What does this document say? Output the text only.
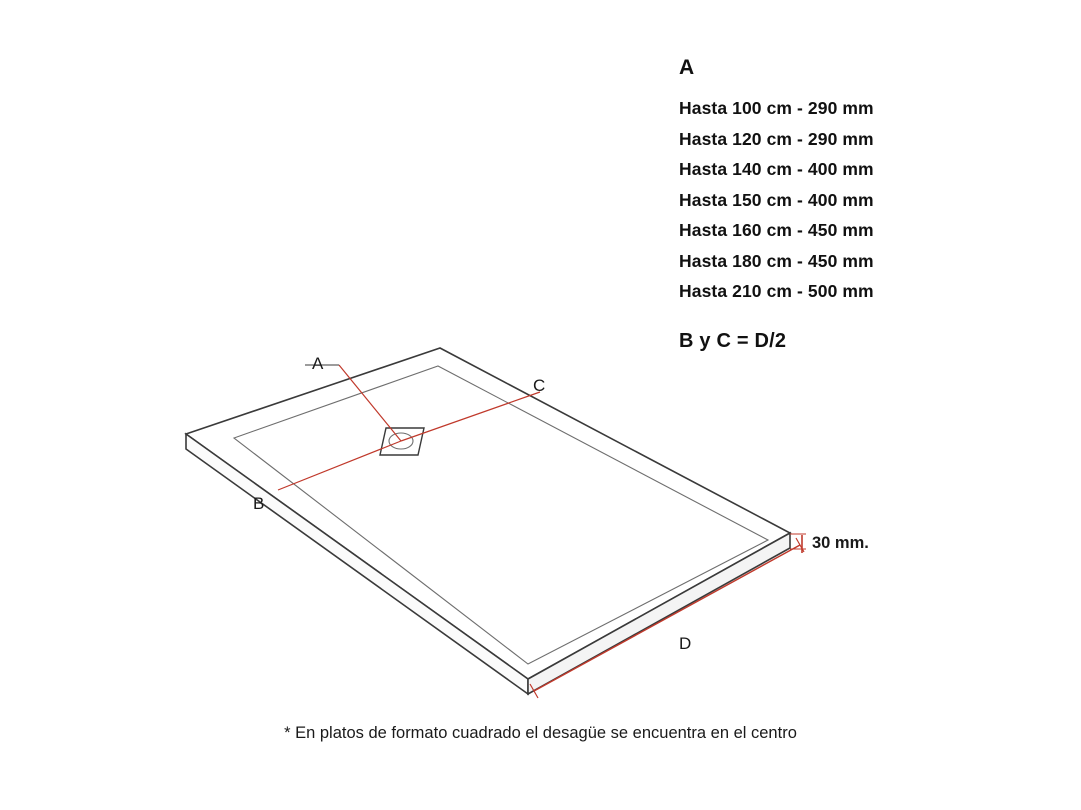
A
Hasta 100 cm - 290 mm
Hasta 120 cm - 290 mm
Hasta 140 cm - 400 mm
Hasta 150 cm - 400 mm
Hasta 160 cm - 450 mm
Hasta 180 cm - 450 mm
Hasta 210 cm - 500 mm
B y C = D/2
A
C
B
D
30 mm.
* En platos de formato cuadrado el desagüe se encuentra en el centro
